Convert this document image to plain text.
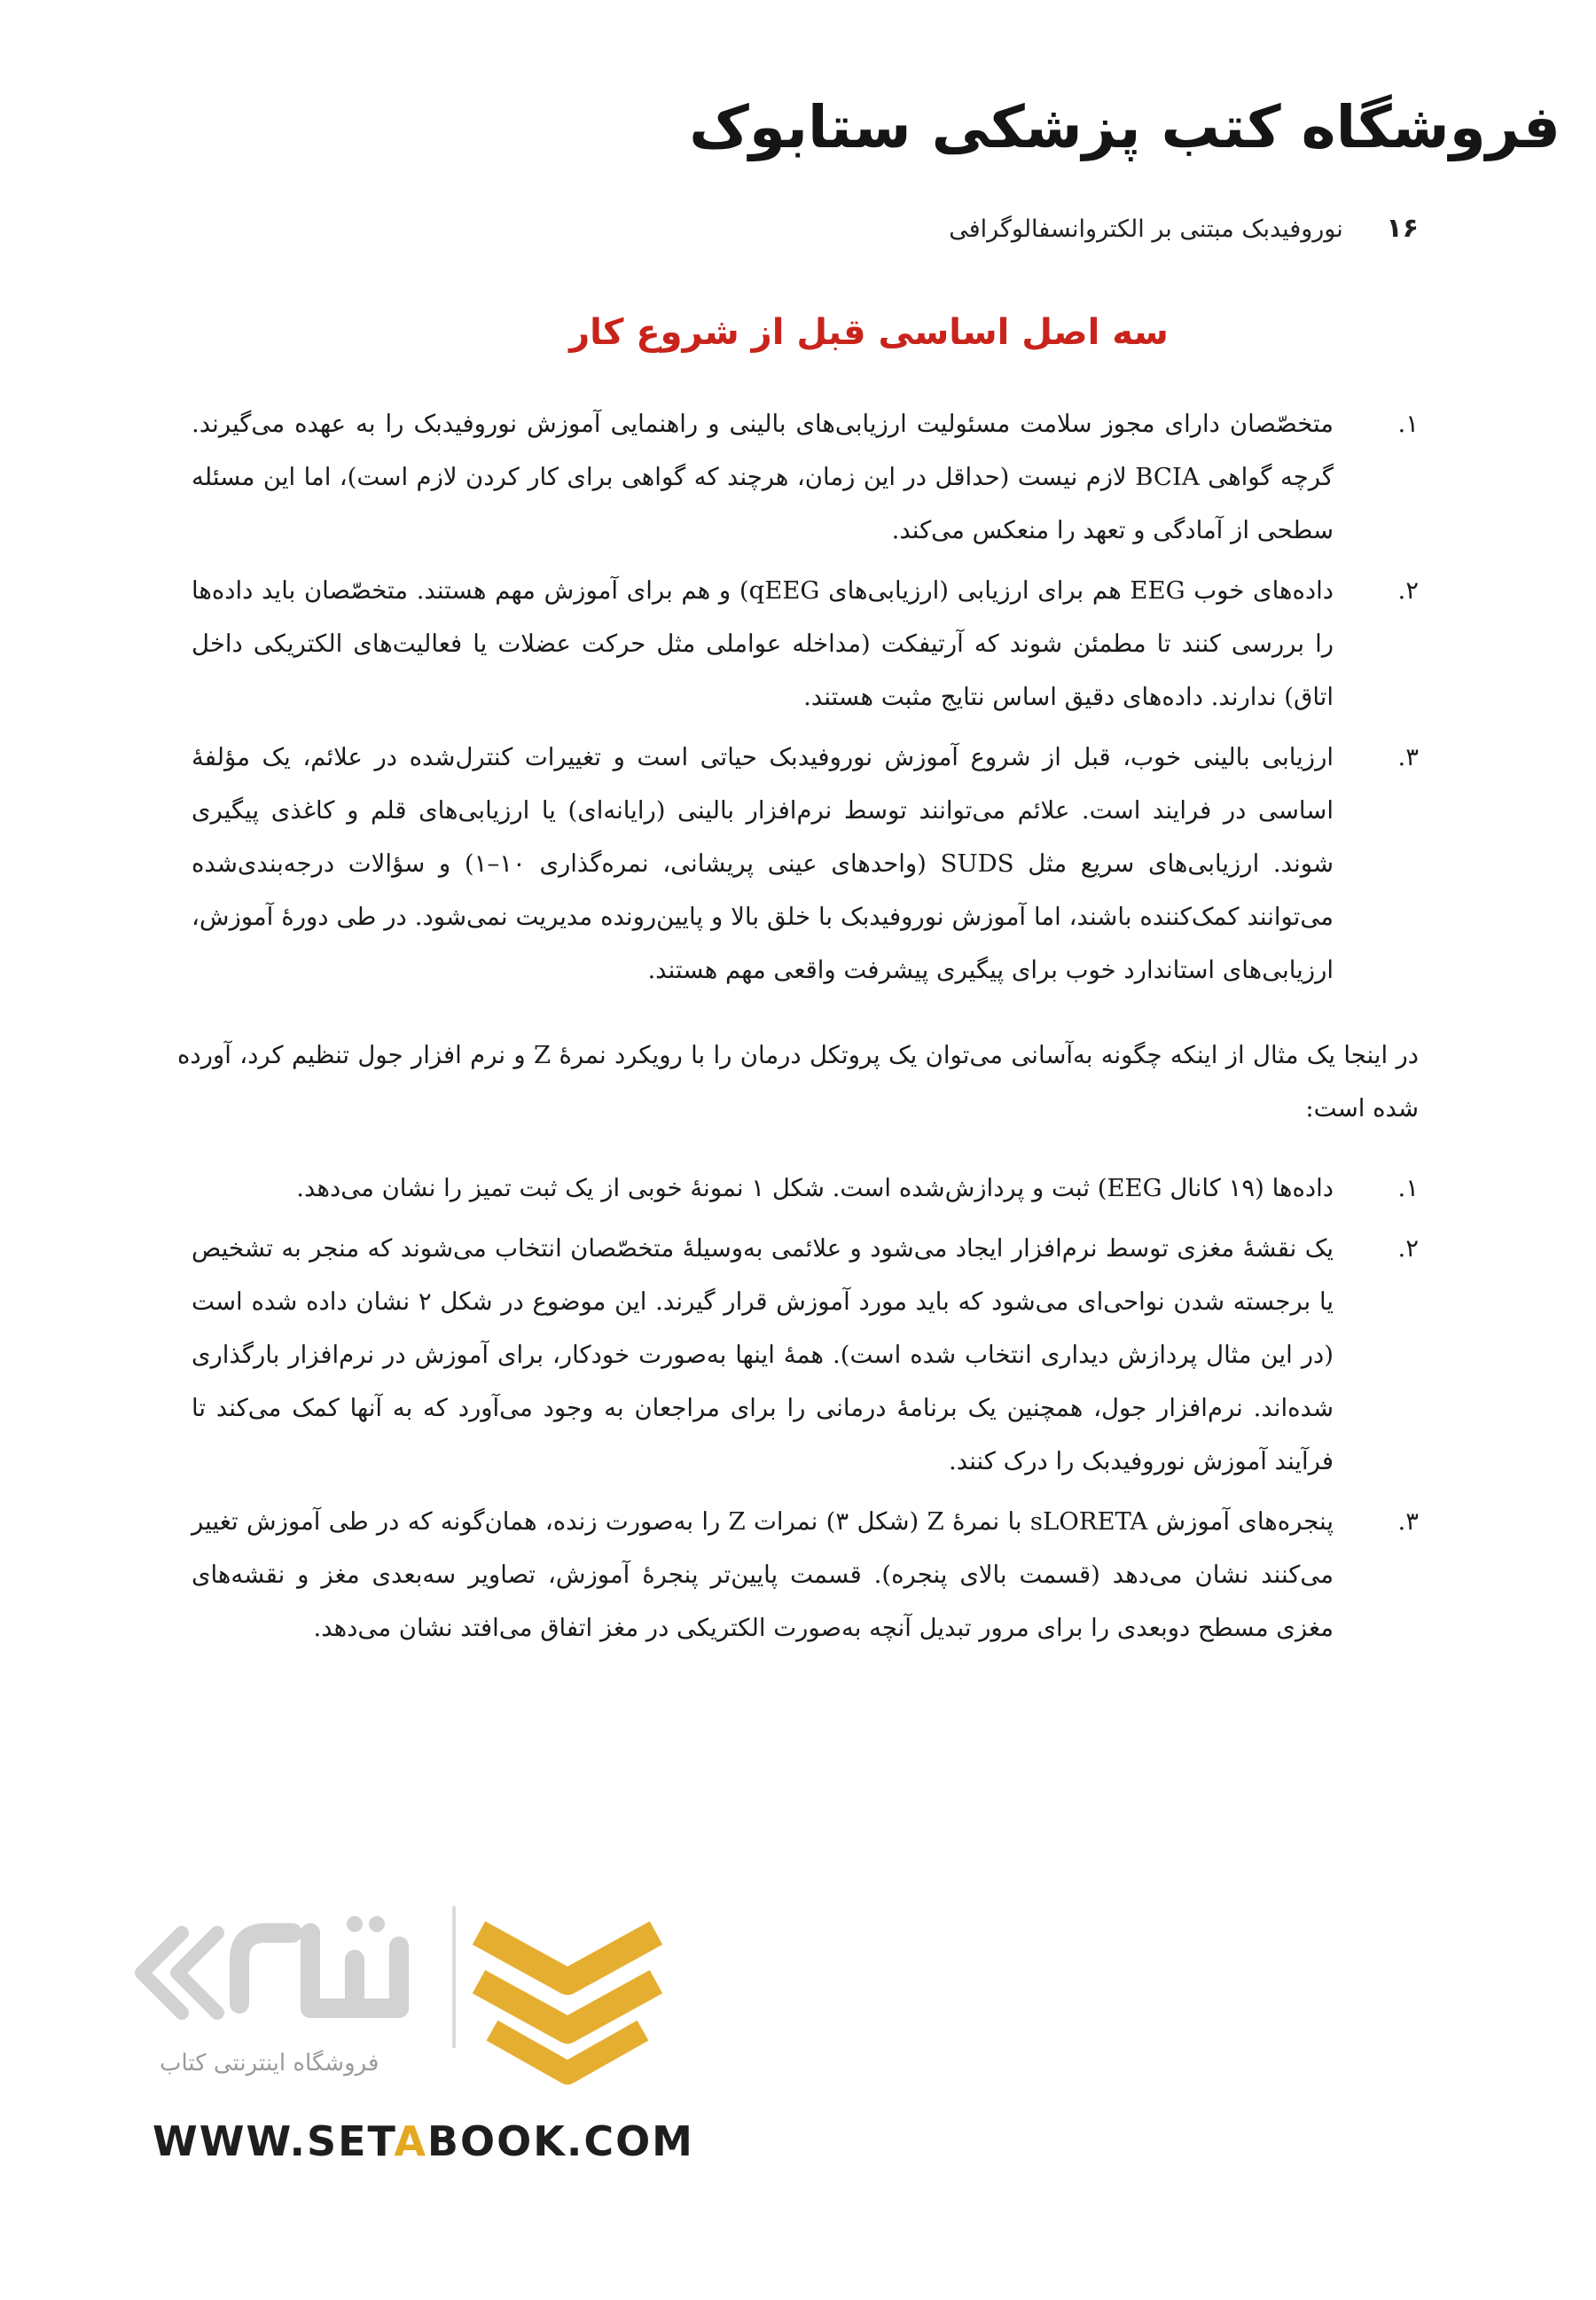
فروشگاه کتب پزشکی ستابوک
۱۶ نوروفیدبک مبتنی بر الکتروانسفالوگرافی
سه اصل اساسی قبل از شروع کار
۱.
متخصّصان دارای مجوز سلامت مسئولیت ارزیابی‌های بالینی و راهنمایی آموزش نوروفیدبک را به عهده می‌گیرند. گرچه گواهی BCIA لازم نیست (حداقل در این زمان، هرچند که گواهی برای کار کردن لازم است)، اما این مسئله سطحی از آمادگی و تعهد را منعکس می‌کند.
۲.
داده‌های خوب EEG هم برای ارزیابی (ارزیابی‌های qEEG) و هم برای آموزش مهم هستند. متخصّصان باید داده‌ها را بررسی کنند تا مطمئن شوند که آرتیفکت (مداخله عواملی مثل حرکت عضلات یا فعالیت‌های الکتریکی داخل اتاق) ندارند. داده‌های دقیق اساس نتایج مثبت هستند.
۳.
ارزیابی بالینی خوب، قبل از شروع آموزش نوروفیدبک حیاتی است و تغییرات کنترل‌شده در علائم، یک مؤلفهٔ اساسی در فرایند است. علائم می‌توانند توسط نرم‌افزار بالینی (رایانه‌ای) یا ارزیابی‌های قلم و کاغذی پیگیری شوند. ارزیابی‌های سریع مثل SUDS (واحدهای عینی پریشانی، نمره‌گذاری ۱۰–۱) و سؤالات درجه‌بندی‌شده می‌توانند کمک‌کننده باشند، اما آموزش نوروفیدبک با خلق بالا و پایین‌رونده مدیریت نمی‌شود. در طی دورهٔ آموزش، ارزیابی‌های استاندارد خوب برای پیگیری پیشرفت واقعی مهم هستند.

در اینجا یک مثال از اینکه چگونه به‌آسانی می‌توان یک پروتکل درمان را با رویکرد نمرهٔ Z و نرم افزار جول تنظیم کرد، آورده شده است:

۱.
داده‌ها (۱۹ کانال EEG) ثبت و پردازش‌شده است. شکل ۱ نمونهٔ خوبی از یک ثبت تمیز را نشان می‌دهد.
۲.
یک نقشهٔ مغزی توسط نرم‌افزار ایجاد می‌شود و علائمی به‌وسیلهٔ متخصّصان انتخاب می‌شوند که منجر به تشخیص یا برجسته شدن نواحی‌ای می‌شود که باید مورد آموزش قرار گیرند. این موضوع در شکل ۲ نشان داده شده است (در این مثال پردازش دیداری انتخاب شده است). همهٔ اینها به‌صورت خودکار، برای آموزش در نرم‌افزار بارگذاری شده‌اند. نرم‌افزار جول، همچنین یک برنامهٔ درمانی را برای مراجعان به وجود می‌آورد که به آنها کمک می‌کند تا فرآیند آموزش نوروفیدبک را درک کنند.
۳.
پنجره‌های آموزش sLORETA با نمرهٔ Z (شکل ۳) نمرات Z را به‌صورت زنده، همان‌گونه که در طی آموزش تغییر می‌کنند نشان می‌دهد (قسمت بالای پنجره). قسمت پایین‌تر پنجرهٔ آموزش، تصاویر سه‌بعدی مغز و نقشه‌های مغزی مسطح دوبعدی را برای مرور تبدیل آنچه به‌صورت الکتریکی در مغز اتفاق می‌افتد نشان می‌دهد.
فروشگاه اینترنتی کتاب
WWW.SETABOOK.COM
